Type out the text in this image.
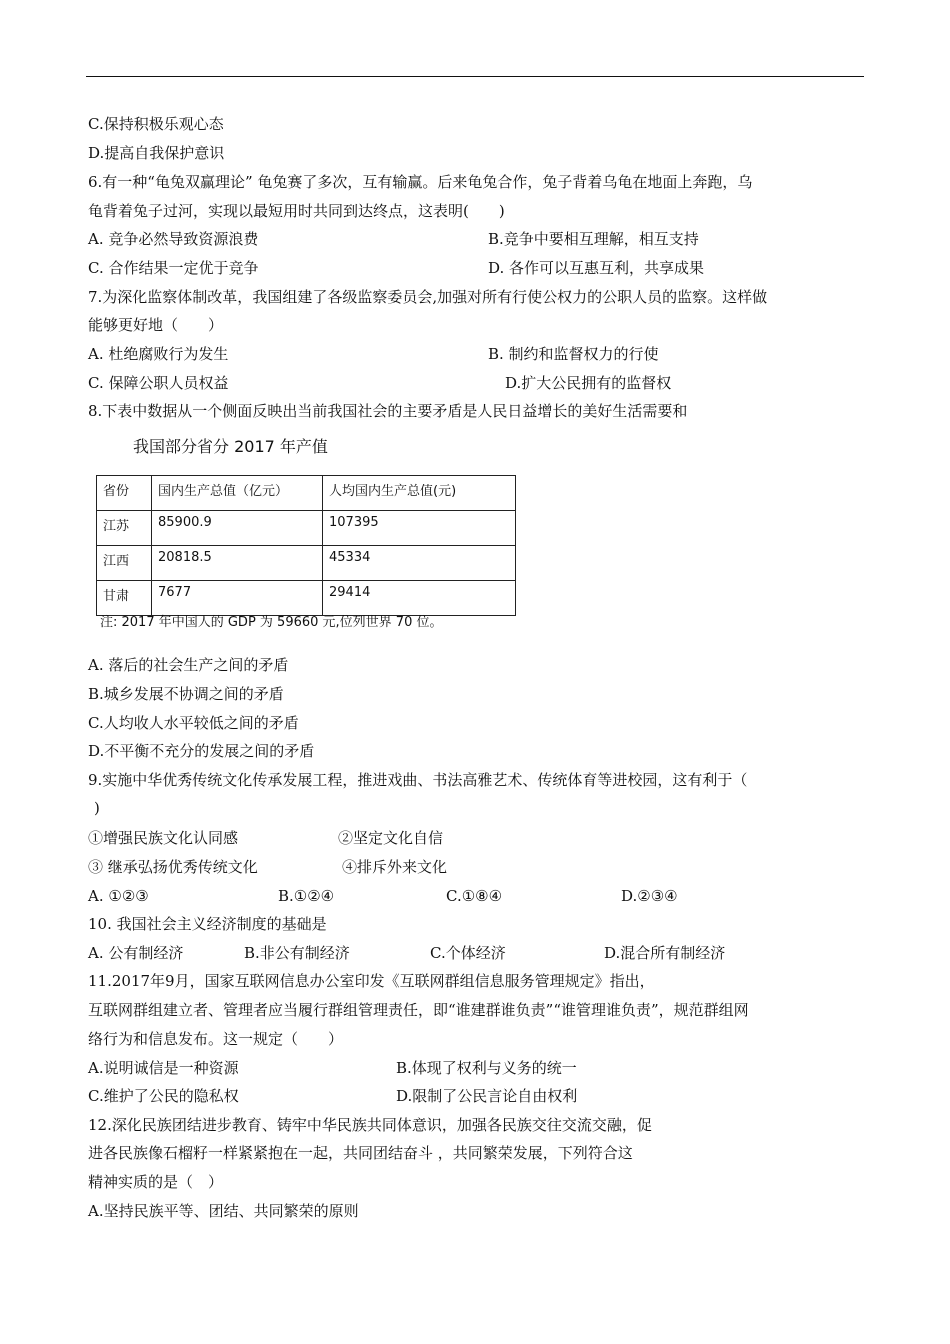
C.保持积极乐观心态
D.提高自我保护意识
6.有一种“龟兔双赢理论” 龟兔赛了多次，互有输赢。后来龟兔合作，兔子背着乌龟在地面上奔跑，乌
龟背着兔子过河，实现以最短用时共同到达终点，这表明(　　)
A. 竞争必然导致资源浪费	B.竞争中要相互理解，相互支持
C. 合作结果一定优于竞争	D. 各作可以互惠互利，共享成果
7.为深化监察体制改革，我国组建了各级监察委员会,加强对所有行使公权力的公职人员的监察。这样做
能够更好地（　　）
A. 杜绝腐败行为发生	B. 制约和监督权力的行使
C. 保障公职人员权益	D.扩大公民拥有的监督权
8.下表中数据从一个侧面反映出当前我国社会的主要矛盾是人民日益增长的美好生活需要和
我国部分省分 2017 年产值
省份	国内生产总值（亿元）	人均国内生产总值(元)
江苏	85900.9	107395
江西	20818.5	45334
甘肃	7677	29414
注: 2017 年中国人的 GDP 为 59660 元,位列世界 70 位。
A. 落后的社会生产之间的矛盾
B.城乡发展不协调之间的矛盾
C.人均收人水平较低之间的矛盾
D.不平衡不充分的发展之间的矛盾
9.实施中华优秀传统文化传承发展工程，推进戏曲、书法高雅艺术、传统体育等进校园，这有利于（
)
①增强民族文化认同感	②坚定文化自信
③ 继承弘扬优秀传统文化	④排斥外来文化
A. ①②③	B.①②④	C.①⑧④	D.②③④
10. 我国社会主义经济制度的基础是
A. 公有制经济	B.非公有制经济	C.个体经济	D.混合所有制经济
11.2017年9月，国家互联网信息办公室印发《互联网群组信息服务管理规定》指出，
互联网群组建立者、管理者应当履行群组管理责任，即“谁建群谁负责”“谁管理谁负责”，规范群组网
络行为和信息发布。这一规定（　　）
A.说明诚信是一种资源	B.体现了权利与义务的统一
C.维护了公民的隐私权	D.限制了公民言论自由权利
12.深化民族团结进步教育、铸牢中华民族共同体意识，加强各民族交往交流交融，促
进各民族像石榴籽一样紧紧抱在一起，共同团结奋斗 ，共同繁荣发展，下列符合这
精神实质的是（　）
A.坚持民族平等、团结、共同繁荣的原则
